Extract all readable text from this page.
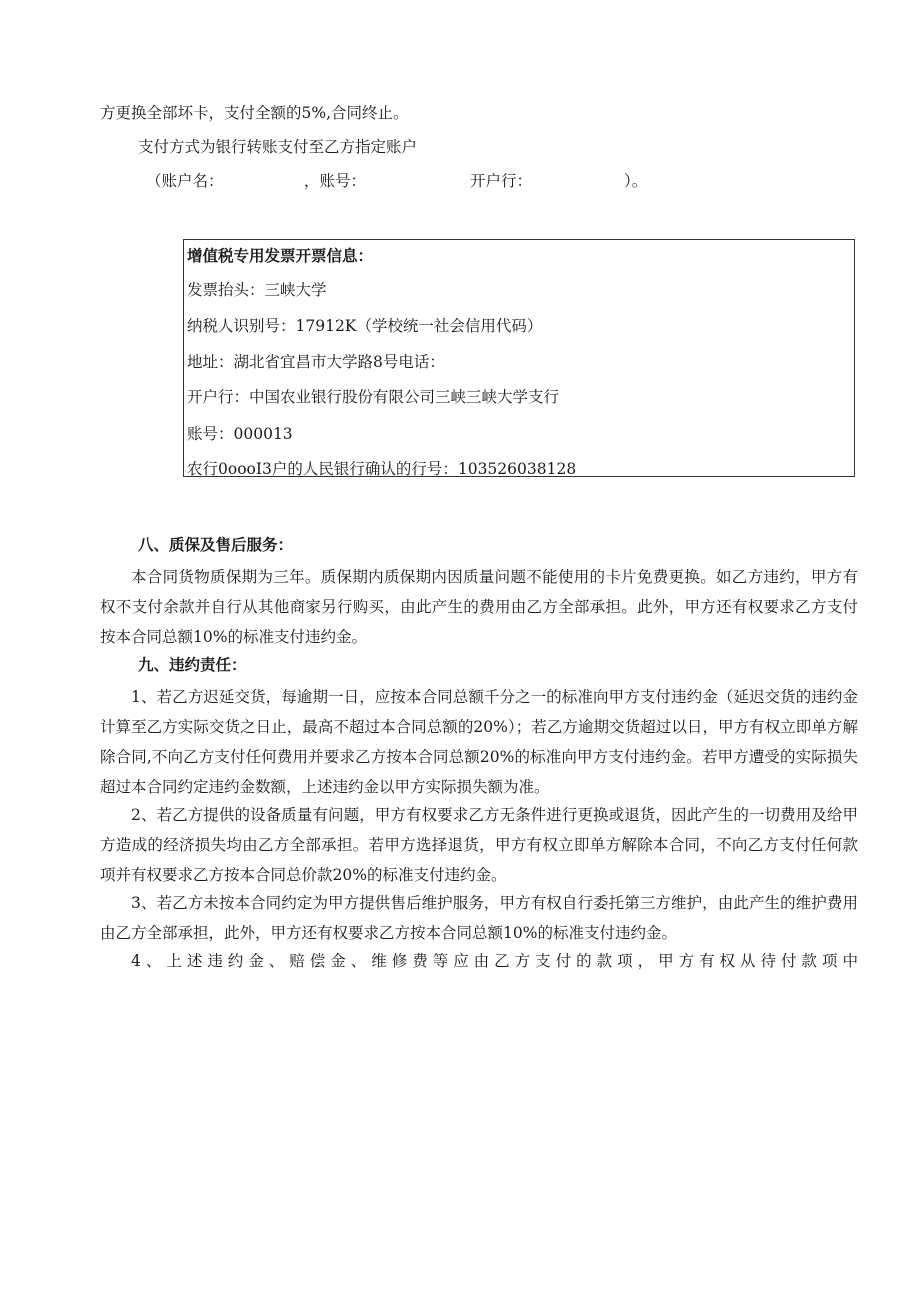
方更换全部坏卡，支付全额的5%,合同终止。
支付方式为银行转账支付至乙方指定账户
（账户名：	，账号：	开户行：	）。
增值税专用发票开票信息：
发票抬头：三峡大学
纳税人识别号：17912K（学校统一社会信用代码）
地址：湖北省宜昌市大学路8号电话：
开户行：中国农业银行股份有限公司三峡三峡大学支行
账号：000013
农行0oooI3户的人民银行确认的行号：103526038128
八、质保及售后服务：

本合同货物质保期为三年。质保期内质保期内因质量问题不能使用的卡片免费更换。如乙方违约，甲方有权不支付余款并自行从其他商家另行购买，由此产生的费用由乙方全部承担。此外，甲方还有权要求乙方支付按本合同总额10%的标准支付违约金。

九、违约责任：

1、若乙方迟延交货，每逾期一日，应按本合同总额千分之一的标准向甲方支付违约金（延迟交货的违约金计算至乙方实际交货之日止，最高不超过本合同总额的20%）；若乙方逾期交货超过以日，甲方有权立即单方解除合同,不向乙方支付任何费用并要求乙方按本合同总额20%的标准向甲方支付违约金。若甲方遭受的实际损失超过本合同约定违约金数额，上述违约金以甲方实际损失额为准。

2、若乙方提供的设备质量有问题，甲方有权要求乙方无条件进行更换或退货，因此产生的一切费用及给甲方造成的经济损失均由乙方全部承担。若甲方选择退货，甲方有权立即单方解除本合同，不向乙方支付任何款项并有权要求乙方按本合同总价款20%的标准支付违约金。

3、若乙方未按本合同约定为甲方提供售后维护服务，甲方有权自行委托第三方维护，由此产生的维护费用由乙方全部承担，此外，甲方还有权要求乙方按本合同总额10%的标准支付违约金。

4、上述违约金、赔偿金、维修费等应由乙方支付的款项，甲方有权从待付款项中
